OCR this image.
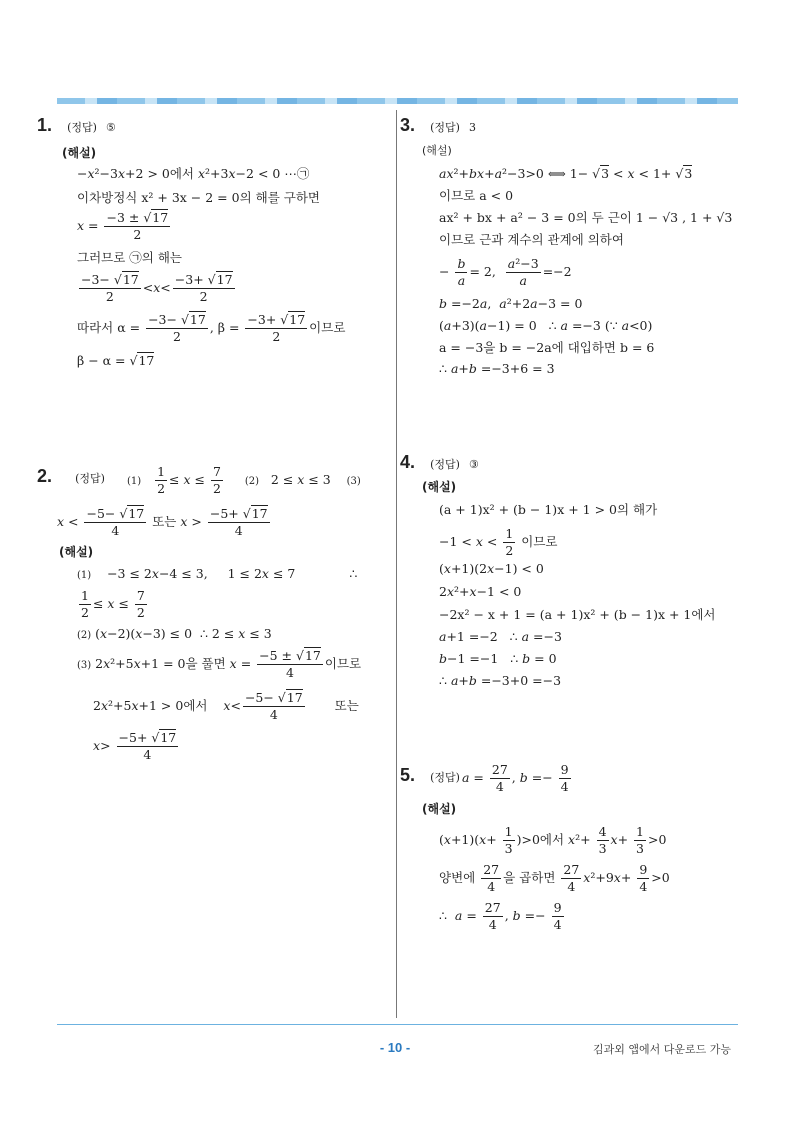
1. (정답) ⑤
(해설)
−x²−3x+2 > 0에서 x²+3x−2 < 0 ⋯㉠
이차방정식 x² + 3x − 2 = 0의 해를 구하면
$x = \frac{-3 \pm √17}{2}$
그러므로 ㉠의 해는
$\frac{-3- √17}{2} <x< \frac{-3+ √17}{2}$
따라서 $\alpha = \frac{-3- √17}{2}$ , $\beta = \frac{-3+ √17}{2}$ 이므로
β − α = √17
2. (정답) $(1) \frac{1}{2} \le x \le \frac{7}{2} (2) 2 \le x \le 3$    (3)
$x < \frac{-5- √17}{4}$ 또는 $x > \frac{-5+ √17}{4}$
(해설)
(1)    −3 ≤ 2x−4 ≤ 3,     1 ≤ 2x ≤ 7	∴
$\frac{1}{2} \le x \le \frac{7}{2}$
(2) (x−2)(x−3) ≤ 0  ∴ 2 ≤ x ≤ 3
(3) 2x²+5x+1 = 0을 풀면 $x = \frac{-5 \pm √17}{4}$ 이므로
2x²+5x+1 > 0에서 $x< \frac{-5- √17}{4}$ 또는
$x> \frac{-5+ √17}{4}$
3. (정답) 3
(해설)
ax²+bx+a²−3>0 ⟺ 1− √3 < x < 1+ √3
이므로 a < 0
ax² + bx + a² − 3 = 0의 두 근이 1 − √3 , 1 + √3
이므로 근과 계수의 관계에 의하여
− $\frac{b}{a} = 2$, $\frac{\text{a²−3}}{a} =-2$
b =−2a,  a²+2a−3 = 0
(a+3)(a−1) = 0   ∴ a =−3 (∵ a<0)
a = −3을 b = −2a에 대입하면 b = 6
∴ a+b =−3+6 = 3
4. (정답) ③
(해설)
(a + 1)x² + (b − 1)x + 1 > 0의 해가
$-1 < x < \frac{1}{2}$ 이므로
(x+1)(2x−1) < 0
2x²+x−1 < 0
−2x² − x + 1 = (a + 1)x² + (b − 1)x + 1에서
a+1 =−2   ∴ a =−3
b−1 =−1   ∴ b = 0
∴ a+b =−3+0 =−3
5. (정답) $a = \frac{27}{4}$ , $b =- \frac{9}{4}$
(해설)
$(x+1)(x+ \frac{1}{3} )>0$에서 $x^2+ \frac{4}{3} x+ \frac{1}{3} >0$
양변에 $\frac{27}{4}$ 을 곱하면 $\frac{27}{4} x^2+9x+ \frac{9}{4} >0$
∴  $a = \frac{27}{4}$ , $b =- \frac{9}{4}$
- 10 -	김과외 앱에서 다운로드 가능
